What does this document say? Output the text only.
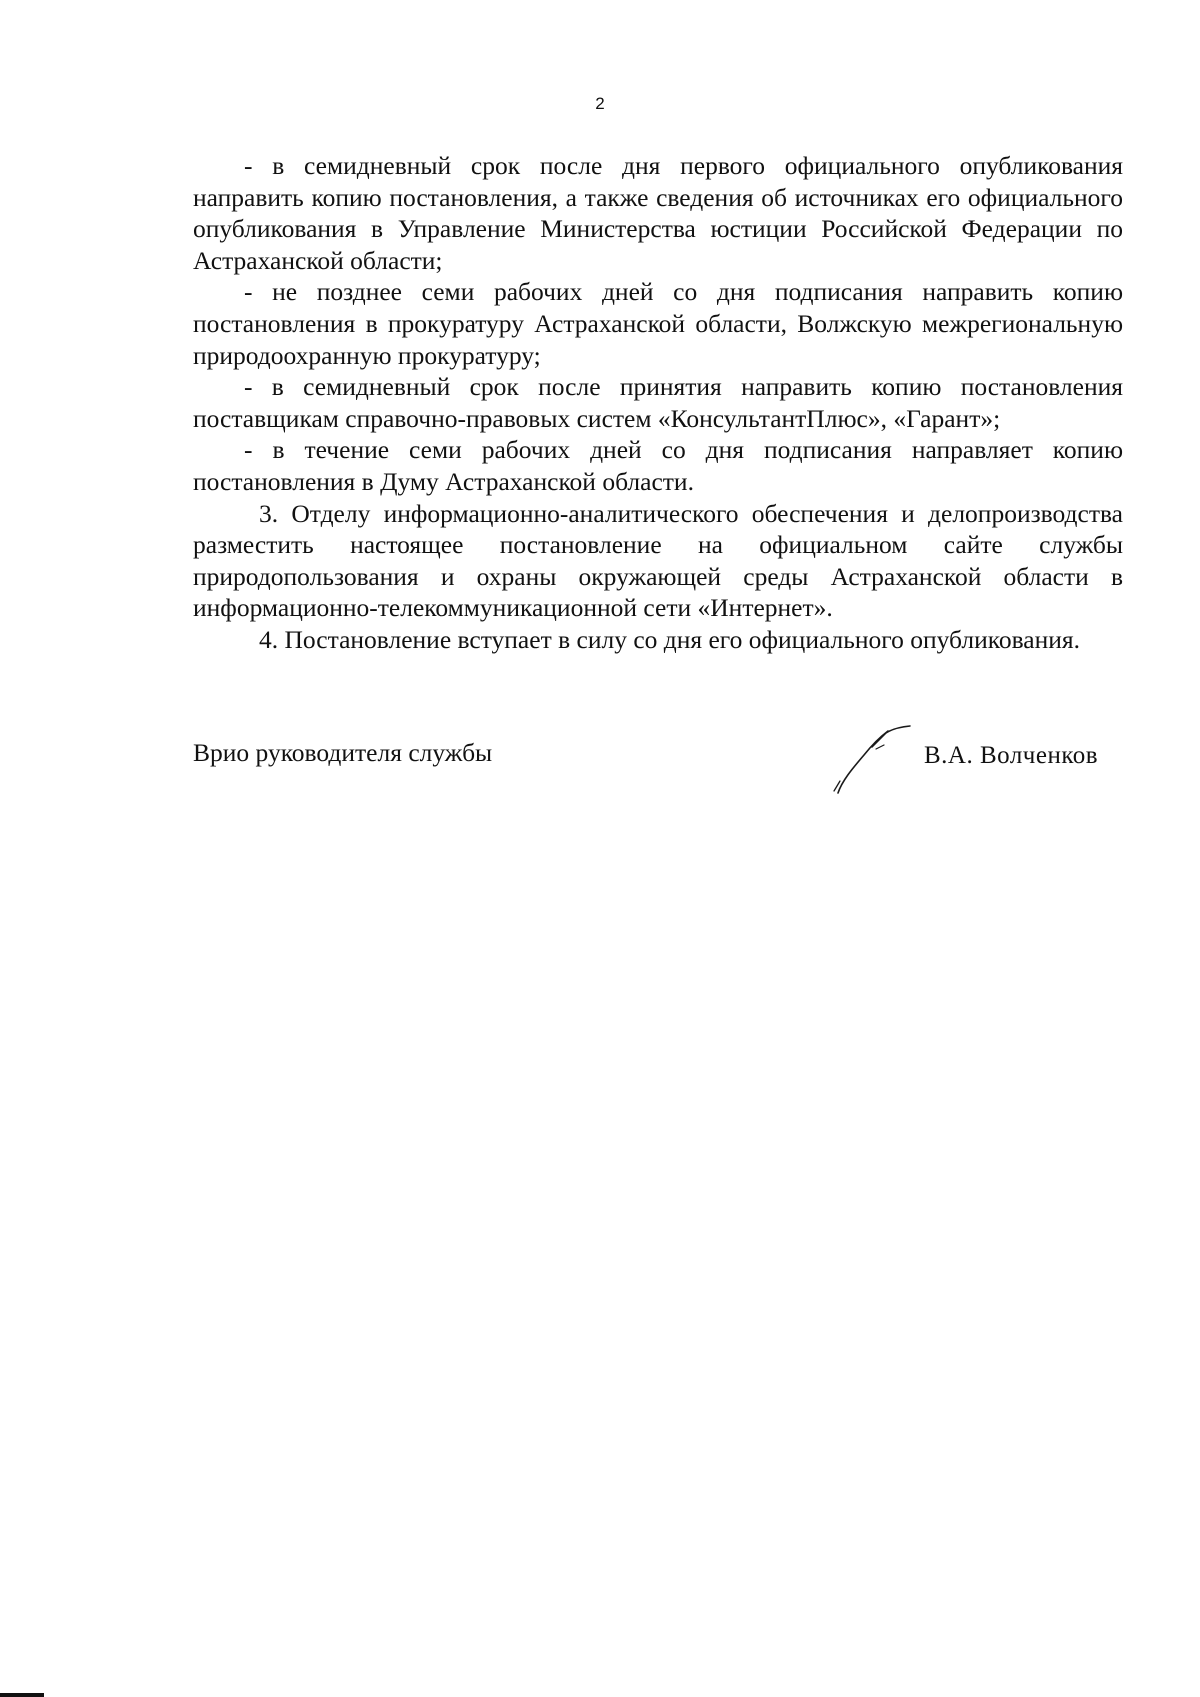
2

- в семидневный срок после дня первого официального опубликования направить копию постановления, а также сведения об источниках его официального опубликования в Управление Министерства юстиции Российской Федерации по Астраханской области;

- не позднее семи рабочих дней со дня подписания направить копию постановления в прокуратуру Астраханской области, Волжскую межрегиональную природоохранную прокуратуру;

- в семидневный срок после принятия направить копию постановления поставщикам справочно-правовых систем «КонсультантПлюс», «Гарант»;

- в течение семи рабочих дней со дня подписания направляет копию постановления в Думу Астраханской области.

3. Отделу информационно-аналитического обеспечения и делопроизводства разместить настоящее постановление на официальном сайте службы природопользования и охраны окружающей среды Астраханской области в информационно-телекоммуникационной сети «Интернет».

4. Постановление вступает в силу со дня его официального опубликования.

Врио руководителя службы	В.А. Волченков
